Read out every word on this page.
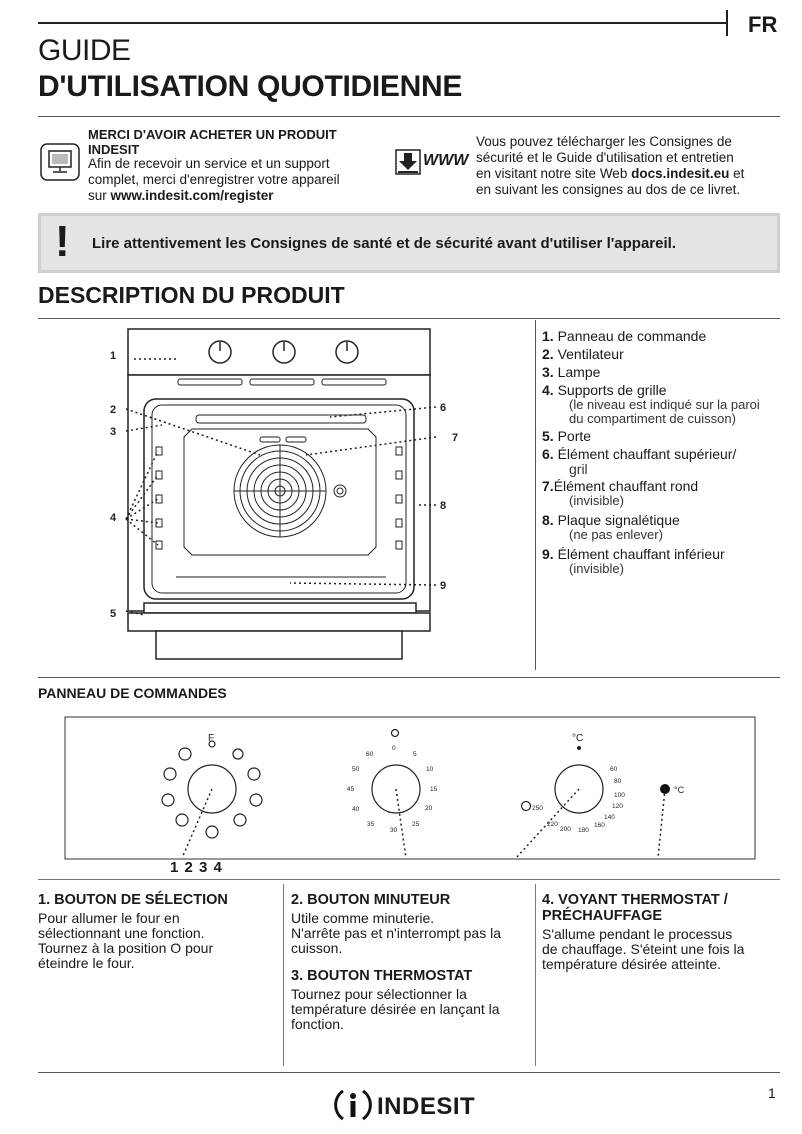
FR
GUIDE
D'UTILISATION QUOTIDIENNE
MERCI D'AVOIR ACHETER UN PRODUIT
INDESIT
Afin de recevoir un service et un support
complet, merci d'enregistrer votre appareil
sur www.indesit.com/register
WWW
Vous pouvez télécharger les Consignes de
sécurité et le Guide d'utilisation et entretien
en visitant notre site Web docs.indesit.eu et
en suivant les consignes au dos de ce livret.
! Lire attentivement les Consignes de santé et de sécurité avant d'utiliser l'appareil.
DESCRIPTION DU PRODUIT
1
2
3
4
5
6
7
8
9
1. Panneau de commande
2. Ventilateur
3. Lampe
4. Supports de grille
(le niveau est indiqué sur la paroi
du compartiment de cuisson)
5. Porte
6. Élément chauffant supérieur/
gril
7.Élément chauffant rond
(invisible)
8. Plaque signalétique
(ne pas enlever)
9. Élément chauffant inférieur
(invisible)
PANNEAU DE COMMANDES
F
0
5
10
15
20
25
30
35
40
45
50
60
°C
60
80
100
120
140
160
180
200
220
250
°C
1 2 3 4
1. BOUTON DE SÉLECTION
Pour allumer le four en
sélectionnant une fonction.
Tournez à la position O pour
éteindre le four.
2. BOUTON MINUTEUR
Utile comme minuterie.
N'arrête pas et n'interrompt pas la
cuisson.
3. BOUTON THERMOSTAT
Tournez pour sélectionner la
température désirée en lançant la
fonction.
4. VOYANT THERMOSTAT /
PRÉCHAUFFAGE
S'allume pendant le processus
de chauffage. S'éteint une fois la
température désirée atteinte.
INDESIT	1
